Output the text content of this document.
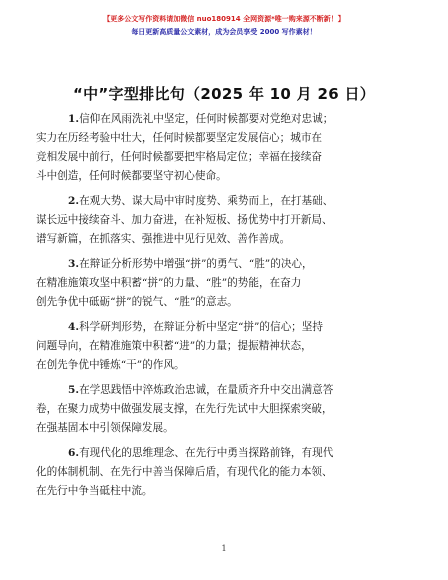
【更多公文写作资料请加微信 nuo180914 全网资源*唯一购来源不断新！】
每日更新高质量公文素材，成为会员享受 2000 写作素材！
“中”字型排比句（2025 年 10 月 26 日）
1.信仰在风雨洗礼中坚定，任何时候都要对党绝对忠诚；
实力在历经考验中壮大，任何时候都要坚定发展信心；城市在
竞相发展中前行，任何时候都要把牢格局定位；幸福在接续奋
斗中创造，任何时候都要坚守初心使命。
2.在观大势、谋大局中审时度势、乘势而上，在打基础、
谋长远中接续奋斗、加力奋进，在补短板、扬优势中打开新局、
谱写新篇，在抓落实、强推进中见行见效、善作善成。
3.在辩证分析形势中增强“拼”的勇气、“胜”的决心，
在精准施策攻坚中积蓄“拼”的力量、“胜”的势能，在奋力
创先争优中砥砺“拼”的锐气、“胜”的意志。
4.科学研判形势，在辩证分析中坚定“拼”的信心；坚持
问题导向，在精准施策中积蓄“进”的力量；提振精神状态，
在创先争优中锤炼“干”的作风。
5.在学思践悟中淬炼政治忠诚，在量质齐升中交出满意答
卷，在聚力成势中做强发展支撑，在先行先试中大胆探索突破，
在强基固本中引领保障发展。
6.有现代化的思维理念、在先行中勇当探路前锋，有现代
化的体制机制、在先行中善当保障后盾，有现代化的能力本领、
在先行中争当砥柱中流。
1
